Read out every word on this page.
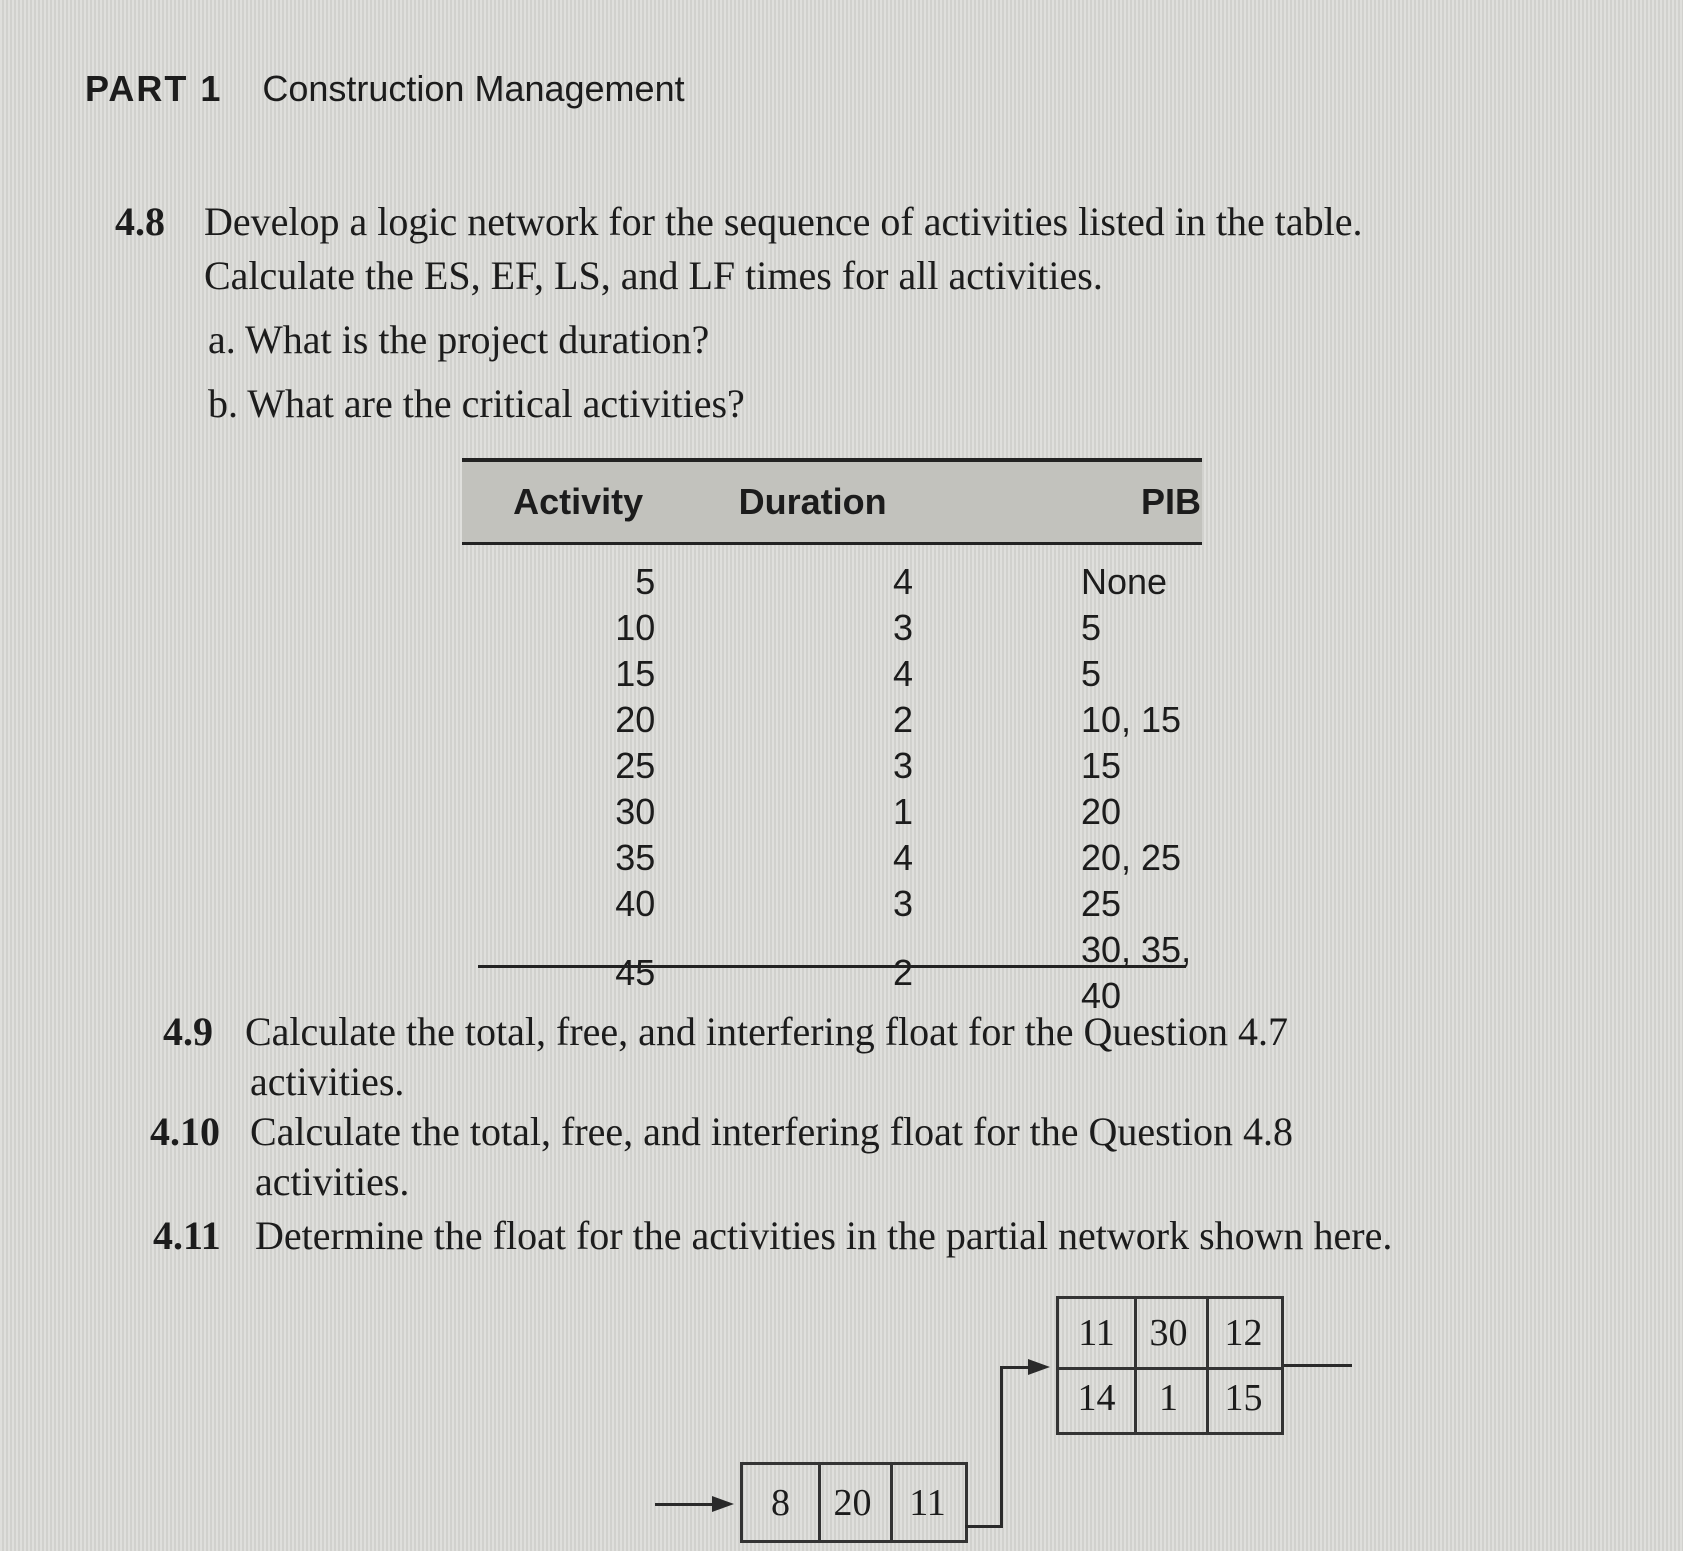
PART 1 Construction Management
4.8 Develop a logic network for the sequence of activities listed in the table.
Calculate the ES, EF, LS, and LF times for all activities.
a. What is the project duration?
b. What are the critical activities?
Activity	Duration	PIB
5	4	None
10	3	5
15	4	5
20	2	10, 15
25	3	15
30	1	20
35	4	20, 25
40	3	25
45	2	30, 35, 40
4.9 Calculate the total, free, and interfering float for the Question 4.7
activities.
4.10 Calculate the total, free, and interfering float for the Question 4.8
activities.
4.11 Determine the float for the activities in the partial network shown here.
8	20 11
11 30 12
14	1	15
